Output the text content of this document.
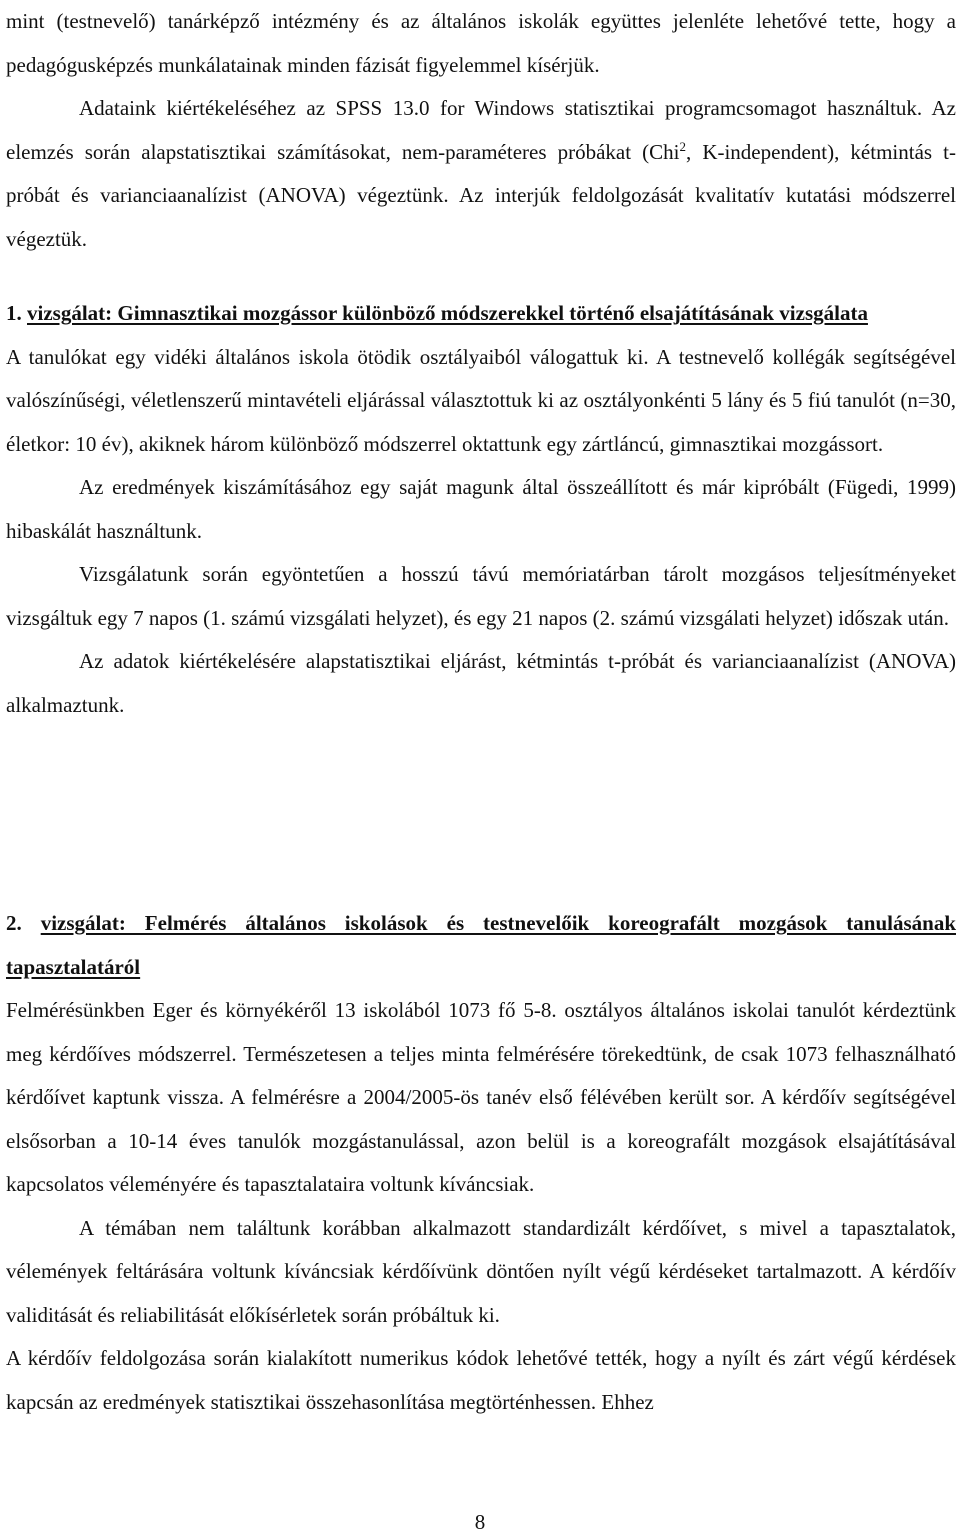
mint (testnevelő) tanárképző intézmény és az általános iskolák együttes jelenléte lehetővé tette, hogy a pedagógusképzés munkálatainak minden fázisát figyelemmel kísérjük.

Adataink kiértékeléséhez az SPSS 13.0 for Windows statisztikai programcsomagot használtuk. Az elemzés során alapstatisztikai számításokat, nem-paraméteres próbákat (Chi$^2$, K-independent), kétmintás t-próbát és varianciaanalízist (ANOVA) végeztünk. Az interjúk feldolgozását kvalitatív kutatási módszerrel végeztük.

1. vizsgálat: Gimnasztikai mozgássor különböző módszerekkel történő elsajátításának vizsgálata

A tanulókat egy vidéki általános iskola ötödik osztályaiból válogattuk ki. A testnevelő kollégák segítségével valószínűségi, véletlenszerű mintavételi eljárással választottuk ki az osztályonkénti 5 lány és 5 fiú tanulót (n=30, életkor: 10 év), akiknek három különböző módszerrel oktattunk egy zártláncú, gimnasztikai mozgássort.

Az eredmények kiszámításához egy saját magunk által összeállított és már kipróbált (Fügedi, 1999) hibaskálát használtunk.

Vizsgálatunk során egyöntetűen a hosszú távú memóriatárban tárolt mozgásos teljesítményeket vizsgáltuk egy 7 napos (1. számú vizsgálati helyzet), és egy 21 napos (2. számú vizsgálati helyzet) időszak után.

Az adatok kiértékelésére alapstatisztikai eljárást, kétmintás t-próbát és varianciaanalízist (ANOVA) alkalmaztunk.

2. vizsgálat: Felmérés általános iskolások és testnevelőik koreografált mozgások tanulásának tapasztalatáról

Felmérésünkben Eger és környékéről 13 iskolából 1073 fő 5-8. osztályos általános iskolai tanulót kérdeztünk meg kérdőíves módszerrel. Természetesen a teljes minta felmérésére törekedtünk, de csak 1073 felhasználható kérdőívet kaptunk vissza. A felmérésre a 2004/2005-ös tanév első félévében került sor. A kérdőív segítségével elsősorban a 10-14 éves tanulók mozgástanulással, azon belül is a koreografált mozgások elsajátításával kapcsolatos véleményére és tapasztalataira voltunk kíváncsiak.

A témában nem találtunk korábban alkalmazott standardizált kérdőívet, s mivel a tapasztalatok, vélemények feltárására voltunk kíváncsiak kérdőívünk döntően nyílt végű kérdéseket tartalmazott. A kérdőív validitását és reliabilitását előkísérletek során próbáltuk ki.

A kérdőív feldolgozása során kialakított numerikus kódok lehetővé tették, hogy a nyílt és zárt végű kérdések kapcsán az eredmények statisztikai összehasonlítása megtörténhessen. Ehhez

8
